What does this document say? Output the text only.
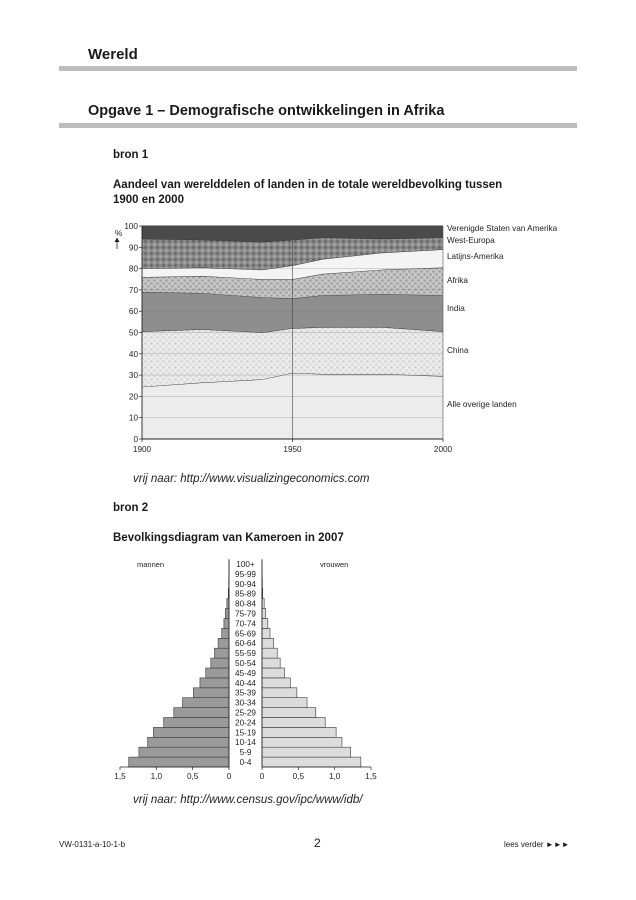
Wereld
Opgave 1 – Demografische ontwikkelingen in Afrika
bron 1
Aandeel van werelddelen of landen in de totale wereldbevolking tussen
1900 en 2000
0
10
20
30
40
50
60
70
80
90
100
1900	1950	2000
%
Alle overige landen
China
India
Afrika
Latijns-Amerika
West-Europa
Verenigde Staten van Amerika
vrij naar: http://www.visualizingeconomics.com
bron 2
Bevolkingsdiagram van Kameroen in 2007
1,5	1,0	0,5	0	0	0,5	1,0	1,5
mannen	vrouwen
0-4
5-9
10-14
15-19
20-24
25-29
30-34
35-39
40-44
45-49
50-54
55-59
60-64
65-69
70-74
75-79
80-84
85-89
90-94
95-99
100+
vrij naar: http://www.census.gov/ipc/www/idb/
VW-0131-a-10-1-b	2	lees verder ►►►
